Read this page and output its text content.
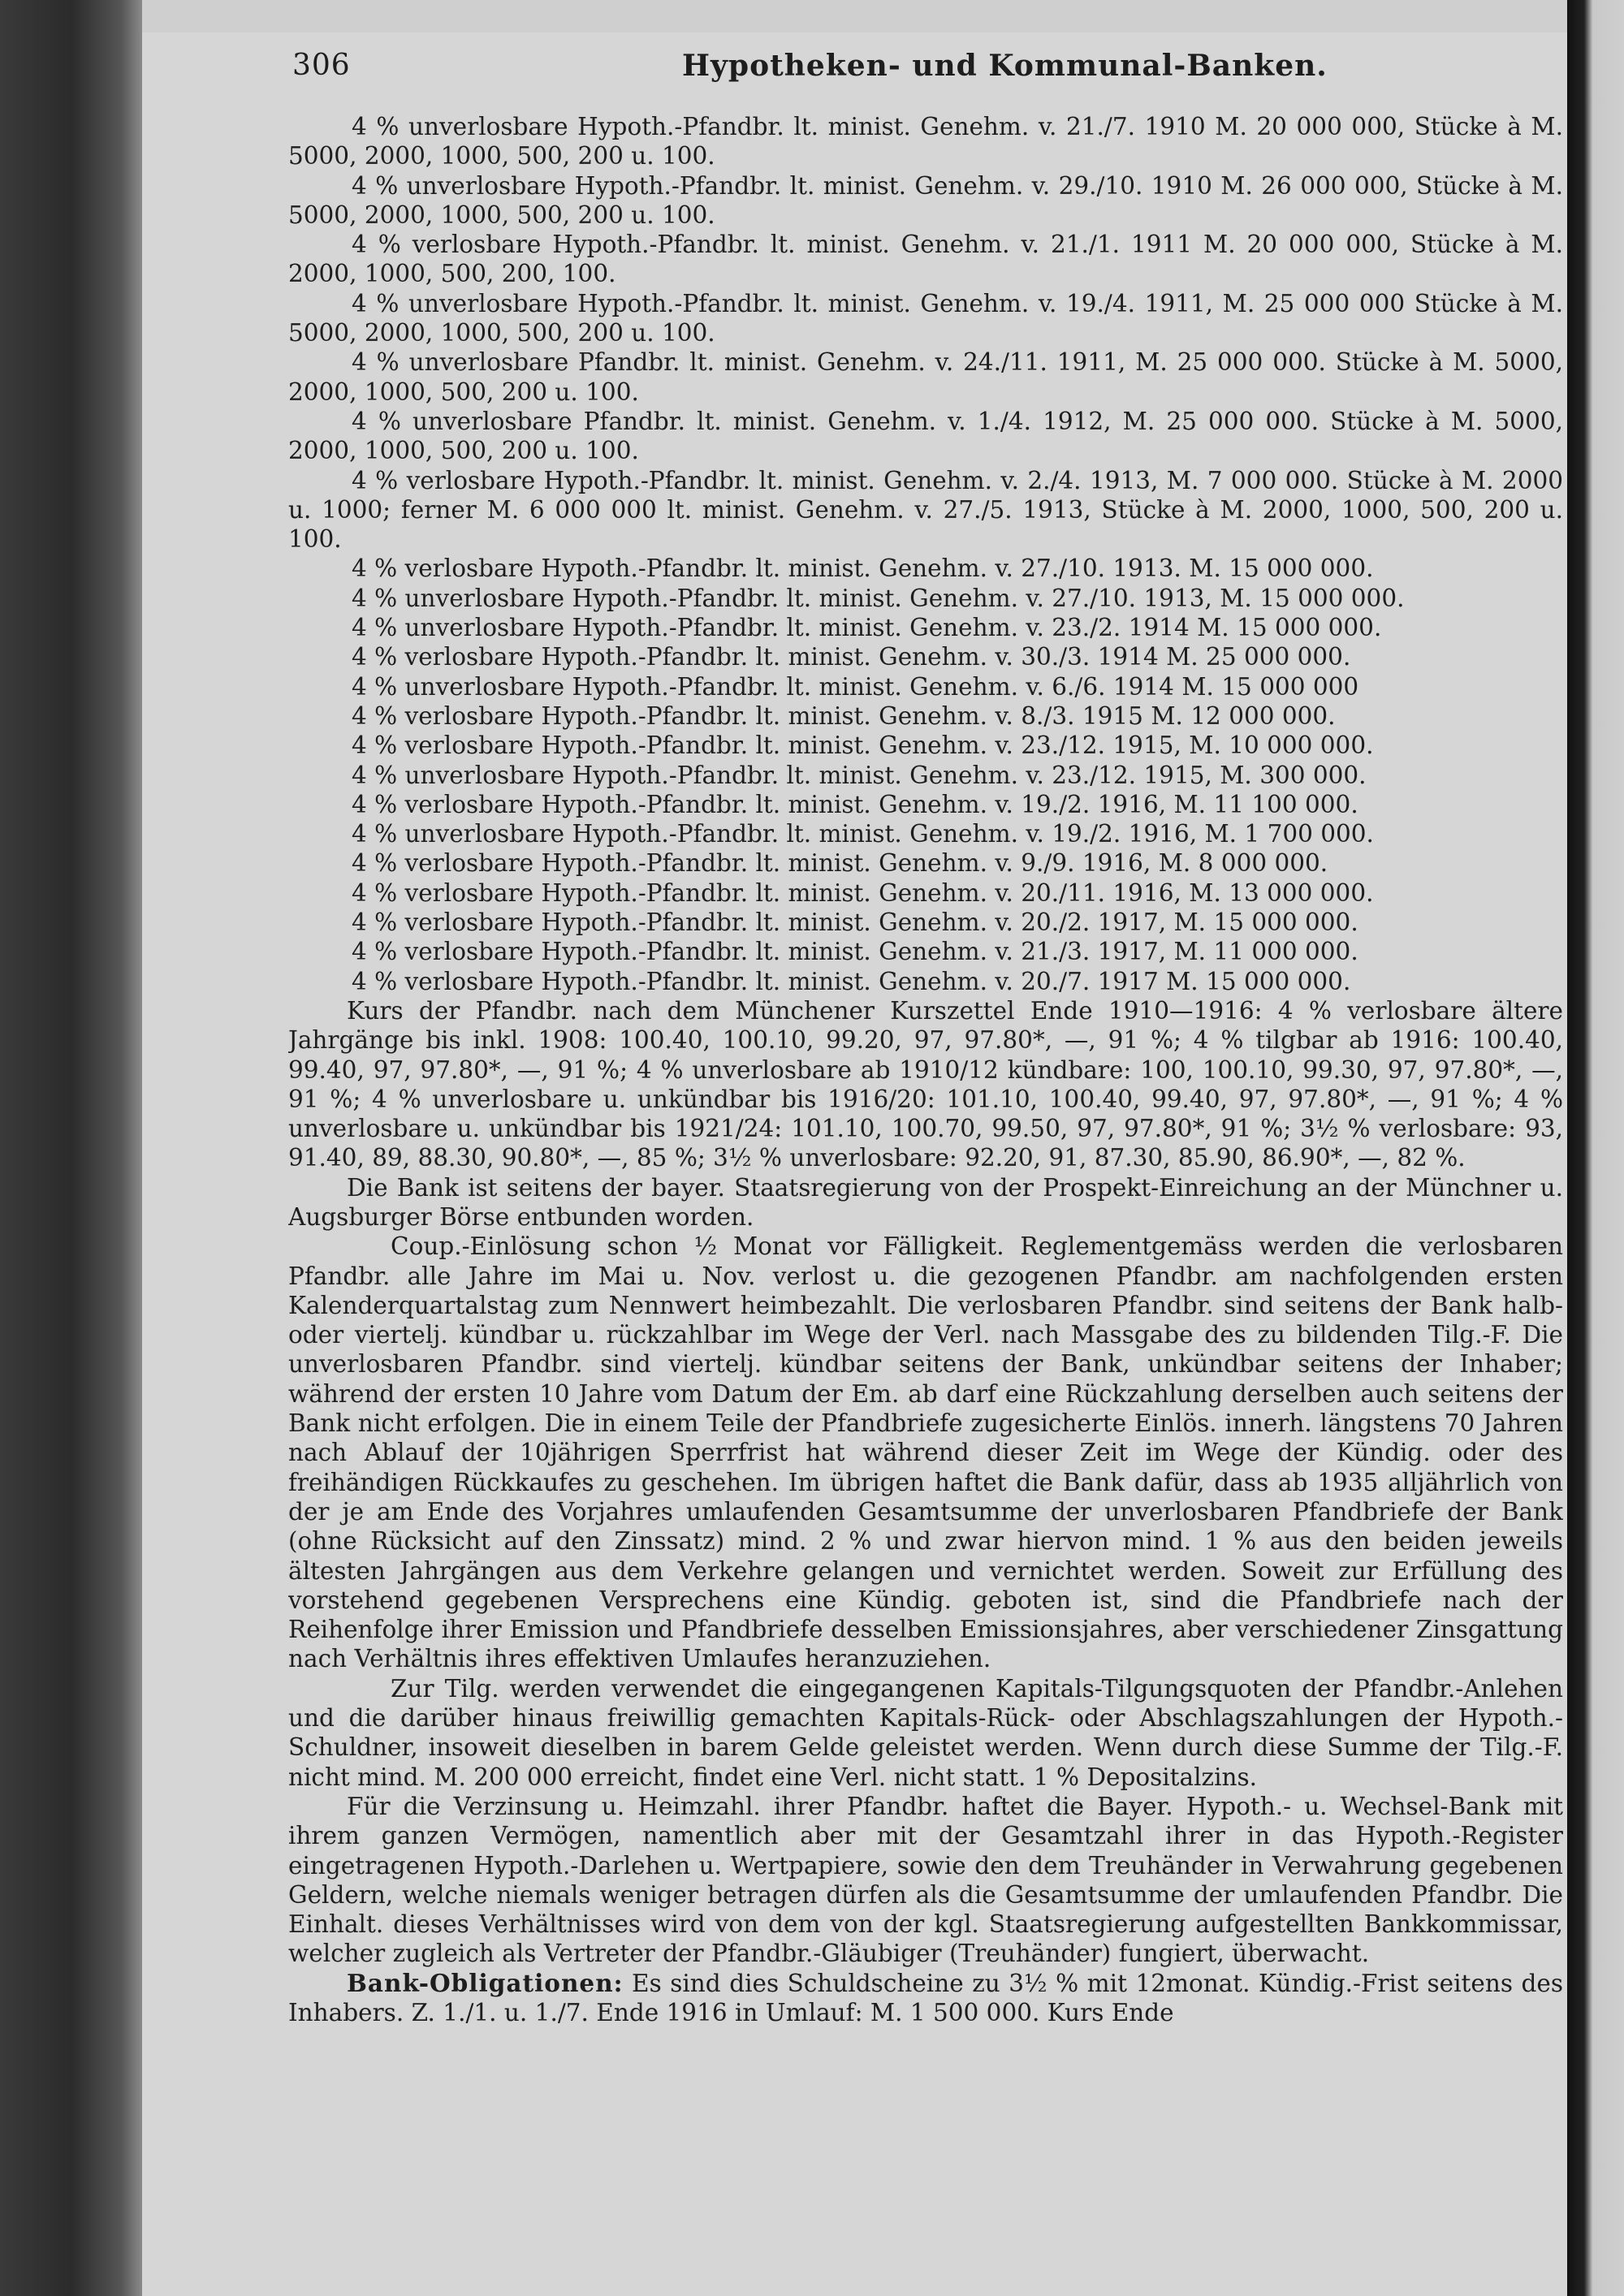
306	Hypotheken- und Kommunal-Banken.

4 % unverlosbare Hypoth.-Pfandbr. lt. minist. Genehm. v. 21./7. 1910 M. 20 000 000, Stücke à M. 5000, 2000, 1000, 500, 200 u. 100.

4 % unverlosbare Hypoth.-Pfandbr. lt. minist. Genehm. v. 29./10. 1910 M. 26 000 000, Stücke à M. 5000, 2000, 1000, 500, 200 u. 100.

4 % verlosbare Hypoth.-Pfandbr. lt. minist. Genehm. v. 21./1. 1911 M. 20 000 000, Stücke à M. 2000, 1000, 500, 200, 100.

4 % unverlosbare Hypoth.-Pfandbr. lt. minist. Genehm. v. 19./4. 1911, M. 25 000 000 Stücke à M. 5000, 2000, 1000, 500, 200 u. 100.

4 % unverlosbare Pfandbr. lt. minist. Genehm. v. 24./11. 1911, M. 25 000 000. Stücke à M. 5000, 2000, 1000, 500, 200 u. 100.

4 % unverlosbare Pfandbr. lt. minist. Genehm. v. 1./4. 1912, M. 25 000 000. Stücke à M. 5000, 2000, 1000, 500, 200 u. 100.

4 % verlosbare Hypoth.-Pfandbr. lt. minist. Genehm. v. 2./4. 1913, M. 7 000 000. Stücke à M. 2000 u. 1000; ferner M. 6 000 000 lt. minist. Genehm. v. 27./5. 1913, Stücke à M. 2000, 1000, 500, 200 u. 100.

4 % verlosbare Hypoth.-Pfandbr. lt. minist. Genehm. v. 27./10. 1913. M. 15 000 000.

4 % unverlosbare Hypoth.-Pfandbr. lt. minist. Genehm. v. 27./10. 1913, M. 15 000 000.

4 % unverlosbare Hypoth.-Pfandbr. lt. minist. Genehm. v. 23./2. 1914 M. 15 000 000.

4 % verlosbare Hypoth.-Pfandbr. lt. minist. Genehm. v. 30./3. 1914 M. 25 000 000.

4 % unverlosbare Hypoth.-Pfandbr. lt. minist. Genehm. v. 6./6. 1914 M. 15 000 000

4 % verlosbare Hypoth.-Pfandbr. lt. minist. Genehm. v. 8./3. 1915 M. 12 000 000.

4 % verlosbare Hypoth.-Pfandbr. lt. minist. Genehm. v. 23./12. 1915, M. 10 000 000.

4 % unverlosbare Hypoth.-Pfandbr. lt. minist. Genehm. v. 23./12. 1915, M. 300 000.

4 % verlosbare Hypoth.-Pfandbr. lt. minist. Genehm. v. 19./2. 1916, M. 11 100 000.

4 % unverlosbare Hypoth.-Pfandbr. lt. minist. Genehm. v. 19./2. 1916, M. 1 700 000.

4 % verlosbare Hypoth.-Pfandbr. lt. minist. Genehm. v. 9./9. 1916, M. 8 000 000.

4 % verlosbare Hypoth.-Pfandbr. lt. minist. Genehm. v. 20./11. 1916, M. 13 000 000.

4 % verlosbare Hypoth.-Pfandbr. lt. minist. Genehm. v. 20./2. 1917, M. 15 000 000.

4 % verlosbare Hypoth.-Pfandbr. lt. minist. Genehm. v. 21./3. 1917, M. 11 000 000.

4 % verlosbare Hypoth.-Pfandbr. lt. minist. Genehm. v. 20./7. 1917 M. 15 000 000.

Kurs der Pfandbr. nach dem Münchener Kurszettel Ende 1910—1916: 4 % verlosbare ältere Jahrgänge bis inkl. 1908: 100.40, 100.10, 99.20, 97, 97.80*, —, 91 %; 4 % tilgbar ab 1916: 100.40, 99.40, 97, 97.80*, —, 91 %; 4 % unverlosbare ab 1910/12 kündbare: 100, 100.10, 99.30, 97, 97.80*, —, 91 %; 4 % unverlosbare u. unkündbar bis 1916/20: 101.10, 100.40, 99.40, 97, 97.80*, —, 91 %; 4 % unverlosbare u. unkündbar bis 1921/24: 101.10, 100.70, 99.50, 97, 97.80*, 91 %; 3½ % verlosbare: 93, 91.40, 89, 88.30, 90.80*, —, 85 %; 3½ % unverlosbare: 92.20, 91, 87.30, 85.90, 86.90*, —, 82 %.

Die Bank ist seitens der bayer. Staatsregierung von der Prospekt-Einreichung an der Münchner u. Augsburger Börse entbunden worden.

Coup.-Einlösung schon ½ Monat vor Fälligkeit. Reglementgemäss werden die verlosbaren Pfandbr. alle Jahre im Mai u. Nov. verlost u. die gezogenen Pfandbr. am nachfolgenden ersten Kalenderquartalstag zum Nennwert heimbezahlt. Die verlosbaren Pfandbr. sind seitens der Bank halb- oder viertelj. kündbar u. rückzahlbar im Wege der Verl. nach Massgabe des zu bildenden Tilg.-F. Die unverlosbaren Pfandbr. sind viertelj. kündbar seitens der Bank, unkündbar seitens der Inhaber; während der ersten 10 Jahre vom Datum der Em. ab darf eine Rückzahlung derselben auch seitens der Bank nicht erfolgen. Die in einem Teile der Pfandbriefe zugesicherte Einlös. innerh. längstens 70 Jahren nach Ablauf der 10jährigen Sperrfrist hat während dieser Zeit im Wege der Kündig. oder des freihändigen Rückkaufes zu geschehen. Im übrigen haftet die Bank dafür, dass ab 1935 alljährlich von der je am Ende des Vorjahres umlaufenden Gesamtsumme der unverlosbaren Pfandbriefe der Bank (ohne Rücksicht auf den Zinssatz) mind. 2 % und zwar hiervon mind. 1 % aus den beiden jeweils ältesten Jahrgängen aus dem Verkehre gelangen und vernichtet werden. Soweit zur Erfüllung des vorstehend gegebenen Versprechens eine Kündig. geboten ist, sind die Pfandbriefe nach der Reihenfolge ihrer Emission und Pfandbriefe desselben Emissionsjahres, aber verschiedener Zinsgattung nach Verhältnis ihres effektiven Umlaufes heranzuziehen.

Zur Tilg. werden verwendet die eingegangenen Kapitals-Tilgungsquoten der Pfandbr.-Anlehen und die darüber hinaus freiwillig gemachten Kapitals-Rück- oder Abschlagszahlungen der Hypoth.-Schuldner, insoweit dieselben in barem Gelde geleistet werden. Wenn durch diese Summe der Tilg.-F. nicht mind. M. 200 000 erreicht, findet eine Verl. nicht statt. 1 % Depositalzins.

Für die Verzinsung u. Heimzahl. ihrer Pfandbr. haftet die Bayer. Hypoth.- u. Wechsel-Bank mit ihrem ganzen Vermögen, namentlich aber mit der Gesamtzahl ihrer in das Hypoth.-Register eingetragenen Hypoth.-Darlehen u. Wertpapiere, sowie den dem Treuhänder in Verwahrung gegebenen Geldern, welche niemals weniger betragen dürfen als die Gesamtsumme der umlaufenden Pfandbr. Die Einhalt. dieses Verhältnisses wird von dem von der kgl. Staatsregierung aufgestellten Bankkommissar, welcher zugleich als Vertreter der Pfandbr.-Gläubiger (Treuhänder) fungiert, überwacht.

Bank-Obligationen: Es sind dies Schuldscheine zu 3½ % mit 12monat. Kündig.-Frist seitens des Inhabers. Z. 1./1. u. 1./7. Ende 1916 in Umlauf: M. 1 500 000. Kurs Ende
